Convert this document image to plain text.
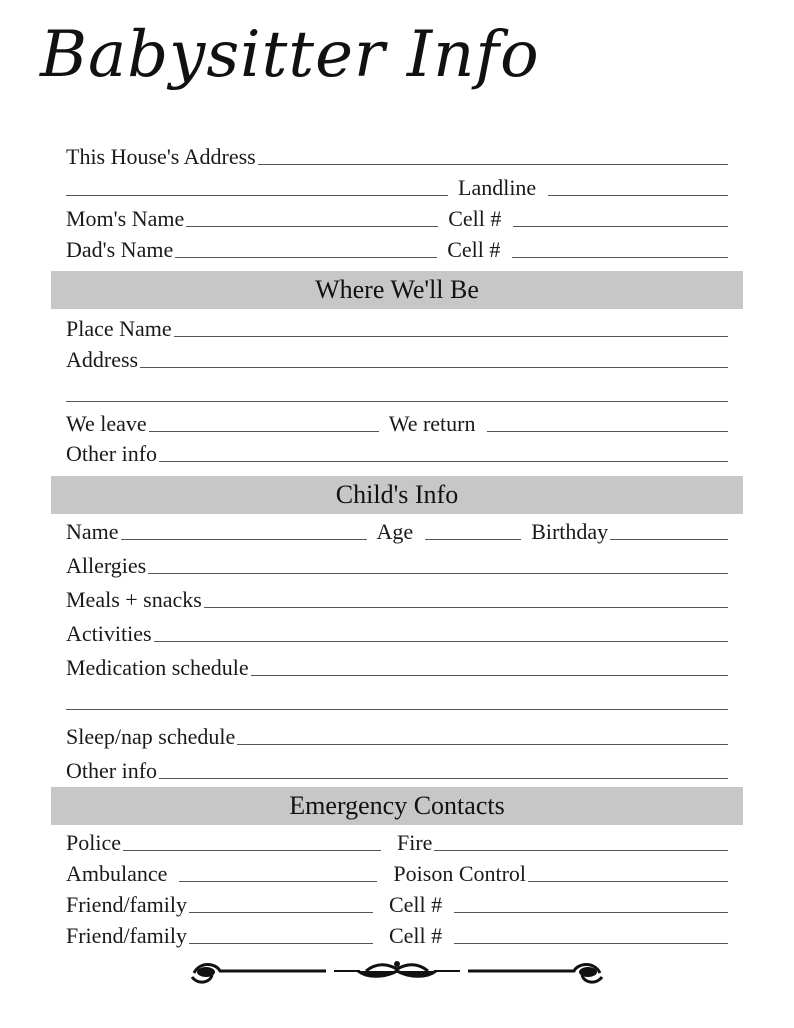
Babysitter Info
This House's Address
Landline
Mom's Name	Cell #
Dad's Name	Cell #
Where We'll Be
Place Name
Address
We leave	We return
Other info
Child's Info
Name	Age	Birthday
Allergies
Meals + snacks
Activities
Medication schedule
Sleep/nap schedule
Other info
Emergency Contacts
Police	Fire
Ambulance	Poison Control
Friend/family	Cell #
Friend/family	Cell #
